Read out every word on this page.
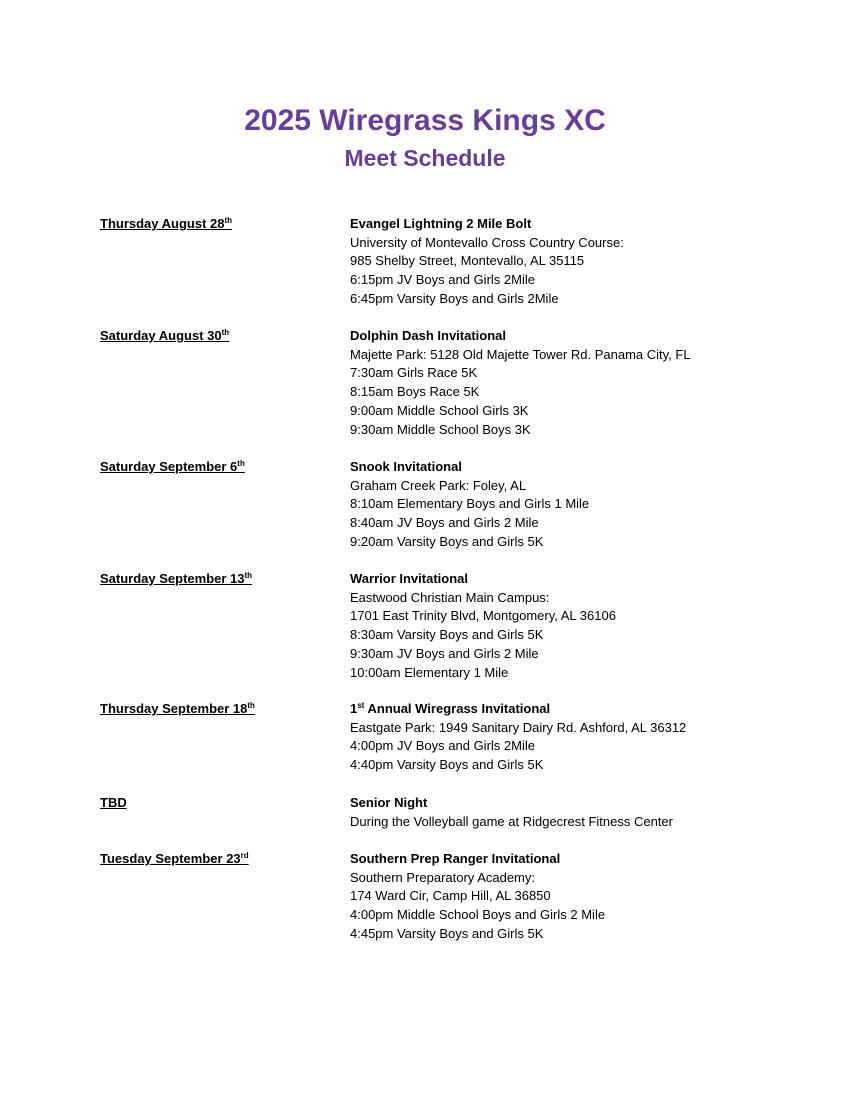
2025 Wiregrass Kings XC
Meet Schedule
Thursday August 28th	Evangel Lightning 2 Mile Bolt
University of Montevallo Cross Country Course:
985 Shelby Street, Montevallo, AL 35115
6:15pm JV Boys and Girls 2Mile
6:45pm Varsity Boys and Girls 2Mile
Saturday August 30th	Dolphin Dash Invitational
Majette Park: 5128 Old Majette Tower Rd. Panama City, FL
7:30am Girls Race 5K
8:15am Boys Race 5K
9:00am Middle School Girls 3K
9:30am Middle School Boys 3K
Saturday September 6th	Snook Invitational
Graham Creek Park: Foley, AL
8:10am Elementary Boys and Girls 1 Mile
8:40am JV Boys and Girls 2 Mile
9:20am Varsity Boys and Girls 5K
Saturday September 13th	Warrior Invitational
Eastwood Christian Main Campus:
1701 East Trinity Blvd, Montgomery, AL 36106
8:30am Varsity Boys and Girls 5K
9:30am JV Boys and Girls 2 Mile
10:00am Elementary 1 Mile
Thursday September 18th	1st Annual Wiregrass Invitational
Eastgate Park: 1949 Sanitary Dairy Rd. Ashford, AL 36312
4:00pm JV Boys and Girls 2Mile
4:40pm Varsity Boys and Girls 5K
TBD	Senior Night
During the Volleyball game at Ridgecrest Fitness Center
Tuesday September 23rd	Southern Prep Ranger Invitational
Southern Preparatory Academy:
174 Ward Cir, Camp Hill, AL 36850
4:00pm Middle School Boys and Girls 2 Mile
4:45pm Varsity Boys and Girls 5K
